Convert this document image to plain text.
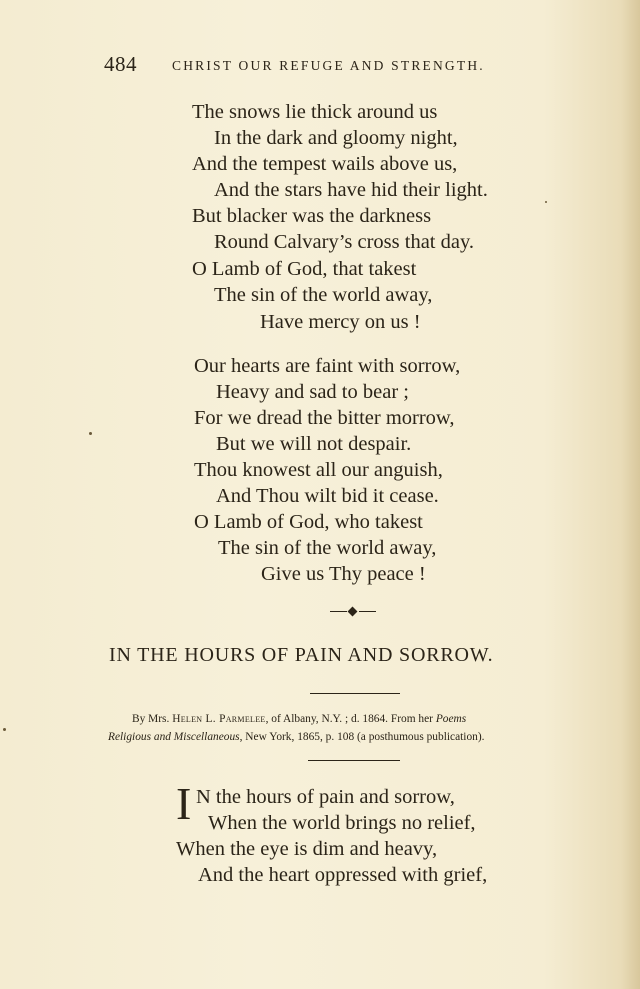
484	CHRIST OUR REFUGE AND STRENGTH.
The snows lie thick around us
In the dark and gloomy night,
And the tempest wails above us,
And the stars have hid their light.
But blacker was the darkness
Round Calvary’s cross that day.
O Lamb of God, that takest
The sin of the world away,
Have mercy on us !
Our hearts are faint with sorrow,
Heavy and sad to bear ;
For we dread the bitter morrow,
But we will not despair.
Thou knowest all our anguish,
And Thou wilt bid it cease.
O Lamb of God, who takest
The sin of the world away,
Give us Thy peace !
IN THE HOURS OF PAIN AND SORROW.
By Mrs. Helen L. Parmelee, of Albany, N.Y. ; d. 1864. From her Poems
Religious and Miscellaneous, New York, 1865, p. 108 (a posthumous publication).
I N the hours of pain and sorrow,
When the world brings no relief,
When the eye is dim and heavy,
And the heart oppressed with grief,
